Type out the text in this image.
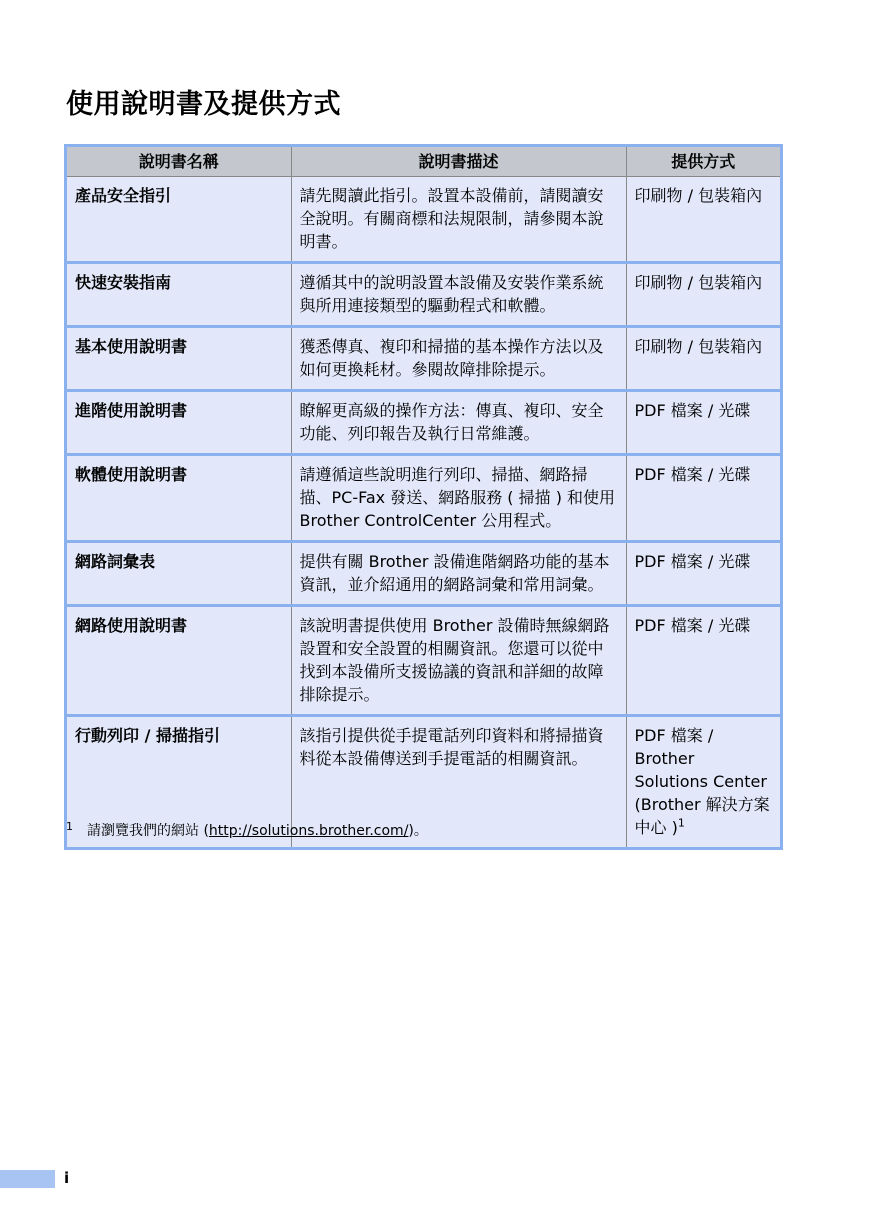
使用說明書及提供方式
說明書名稱	說明書描述	提供方式
產品安全指引	請先閱讀此指引。設置本設備前，請閱讀安全說明。有關商標和法規限制，請參閱本說明書。	印刷物 / 包裝箱內
快速安裝指南	遵循其中的說明設置本設備及安裝作業系統與所用連接類型的驅動程式和軟體。	印刷物 / 包裝箱內
基本使用說明書	獲悉傳真、複印和掃描的基本操作方法以及如何更換耗材。參閱故障排除提示。	印刷物 / 包裝箱內
進階使用說明書	瞭解更高級的操作方法：傳真、複印、安全功能、列印報告及執行日常維護。	PDF 檔案 / 光碟
軟體使用說明書	請遵循這些說明進行列印、掃描、網路掃描、PC-Fax 發送、網路服務 ( 掃描 ) 和使用 Brother ControlCenter 公用程式。	PDF 檔案 / 光碟
網路詞彙表	提供有關 Brother 設備進階網路功能的基本資訊，並介紹通用的網路詞彙和常用詞彙。	PDF 檔案 / 光碟
網路使用說明書	該說明書提供使用 Brother 設備時無線網路設置和安全設置的相關資訊。您還可以從中找到本設備所支援協議的資訊和詳細的故障排除提示。	PDF 檔案 / 光碟
行動列印 / 掃描指引	該指引提供從手提電話列印資料和將掃描資料從本設備傳送到手提電話的相關資訊。	PDF 檔案 / Brother Solutions Center (Brother 解決方案中心 )$^1$
$^1$ 請瀏覽我們的網站 (http://solutions.brother.com/)。
i
